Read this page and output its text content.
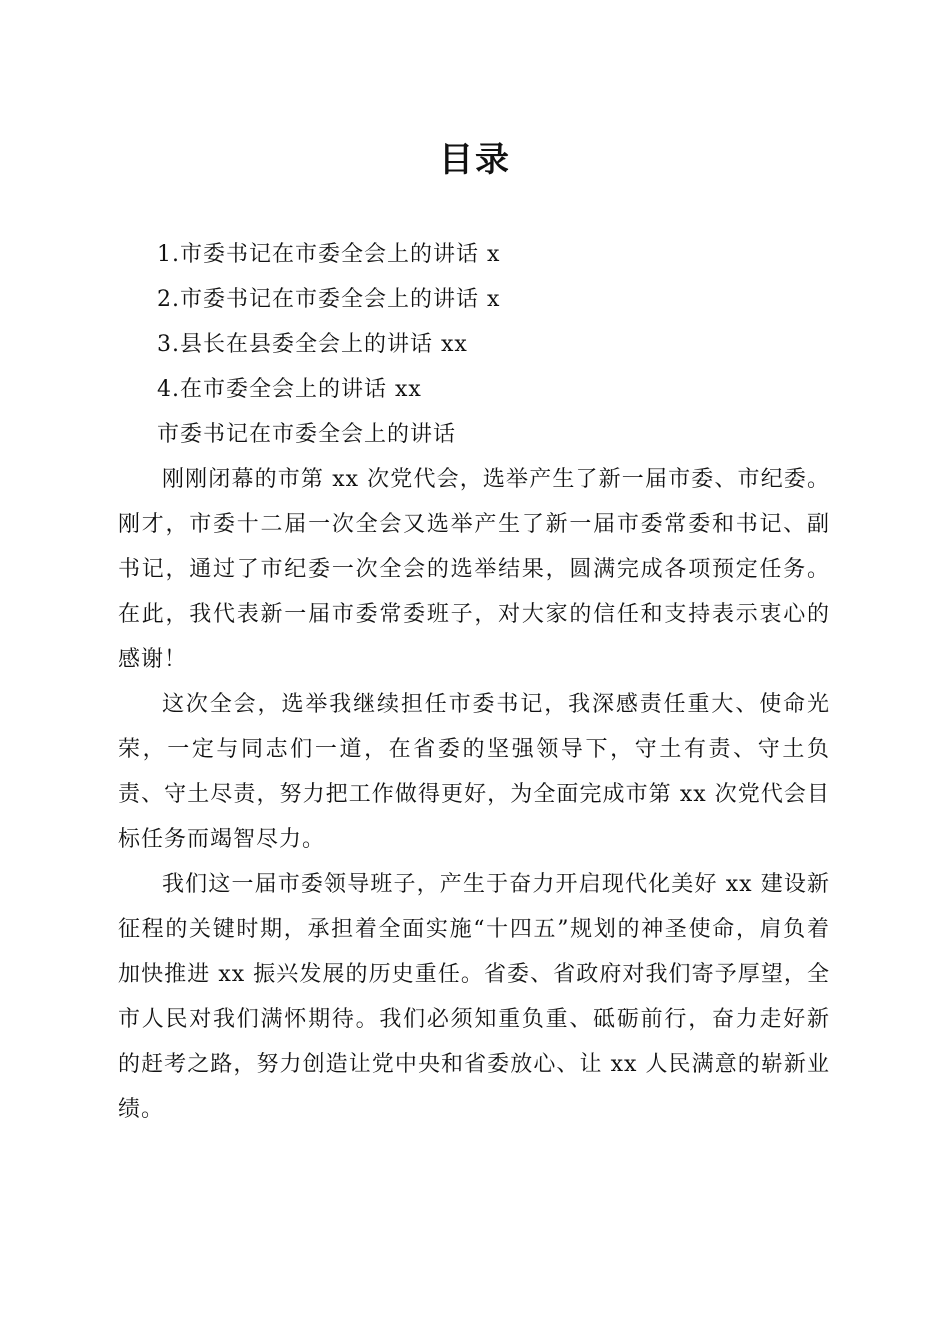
目录
1.市委书记在市委全会上的讲话 x
2.市委书记在市委全会上的讲话 x
3.县长在县委全会上的讲话 xx
4.在市委全会上的讲话 xx
市委书记在市委全会上的讲话

刚刚闭幕的市第 xx 次党代会，选举产生了新一届市委、市纪委。刚才，市委十二届一次全会又选举产生了新一届市委常委和书记、副书记，通过了市纪委一次全会的选举结果，圆满完成各项预定任务。在此，我代表新一届市委常委班子，对大家的信任和支持表示衷心的感谢！

这次全会，选举我继续担任市委书记，我深感责任重大、使命光荣，一定与同志们一道，在省委的坚强领导下，守土有责、守土负责、守土尽责，努力把工作做得更好，为全面完成市第 xx 次党代会目标任务而竭智尽力。

我们这一届市委领导班子，产生于奋力开启现代化美好 xx 建设新征程的关键时期，承担着全面实施“十四五”规划的神圣使命，肩负着加快推进 xx 振兴发展的历史重任。省委、省政府对我们寄予厚望，全市人民对我们满怀期待。我们必须知重负重、砥砺前行，奋力走好新的赶考之路，努力创造让党中央和省委放心、让 xx 人民满意的崭新业绩。
